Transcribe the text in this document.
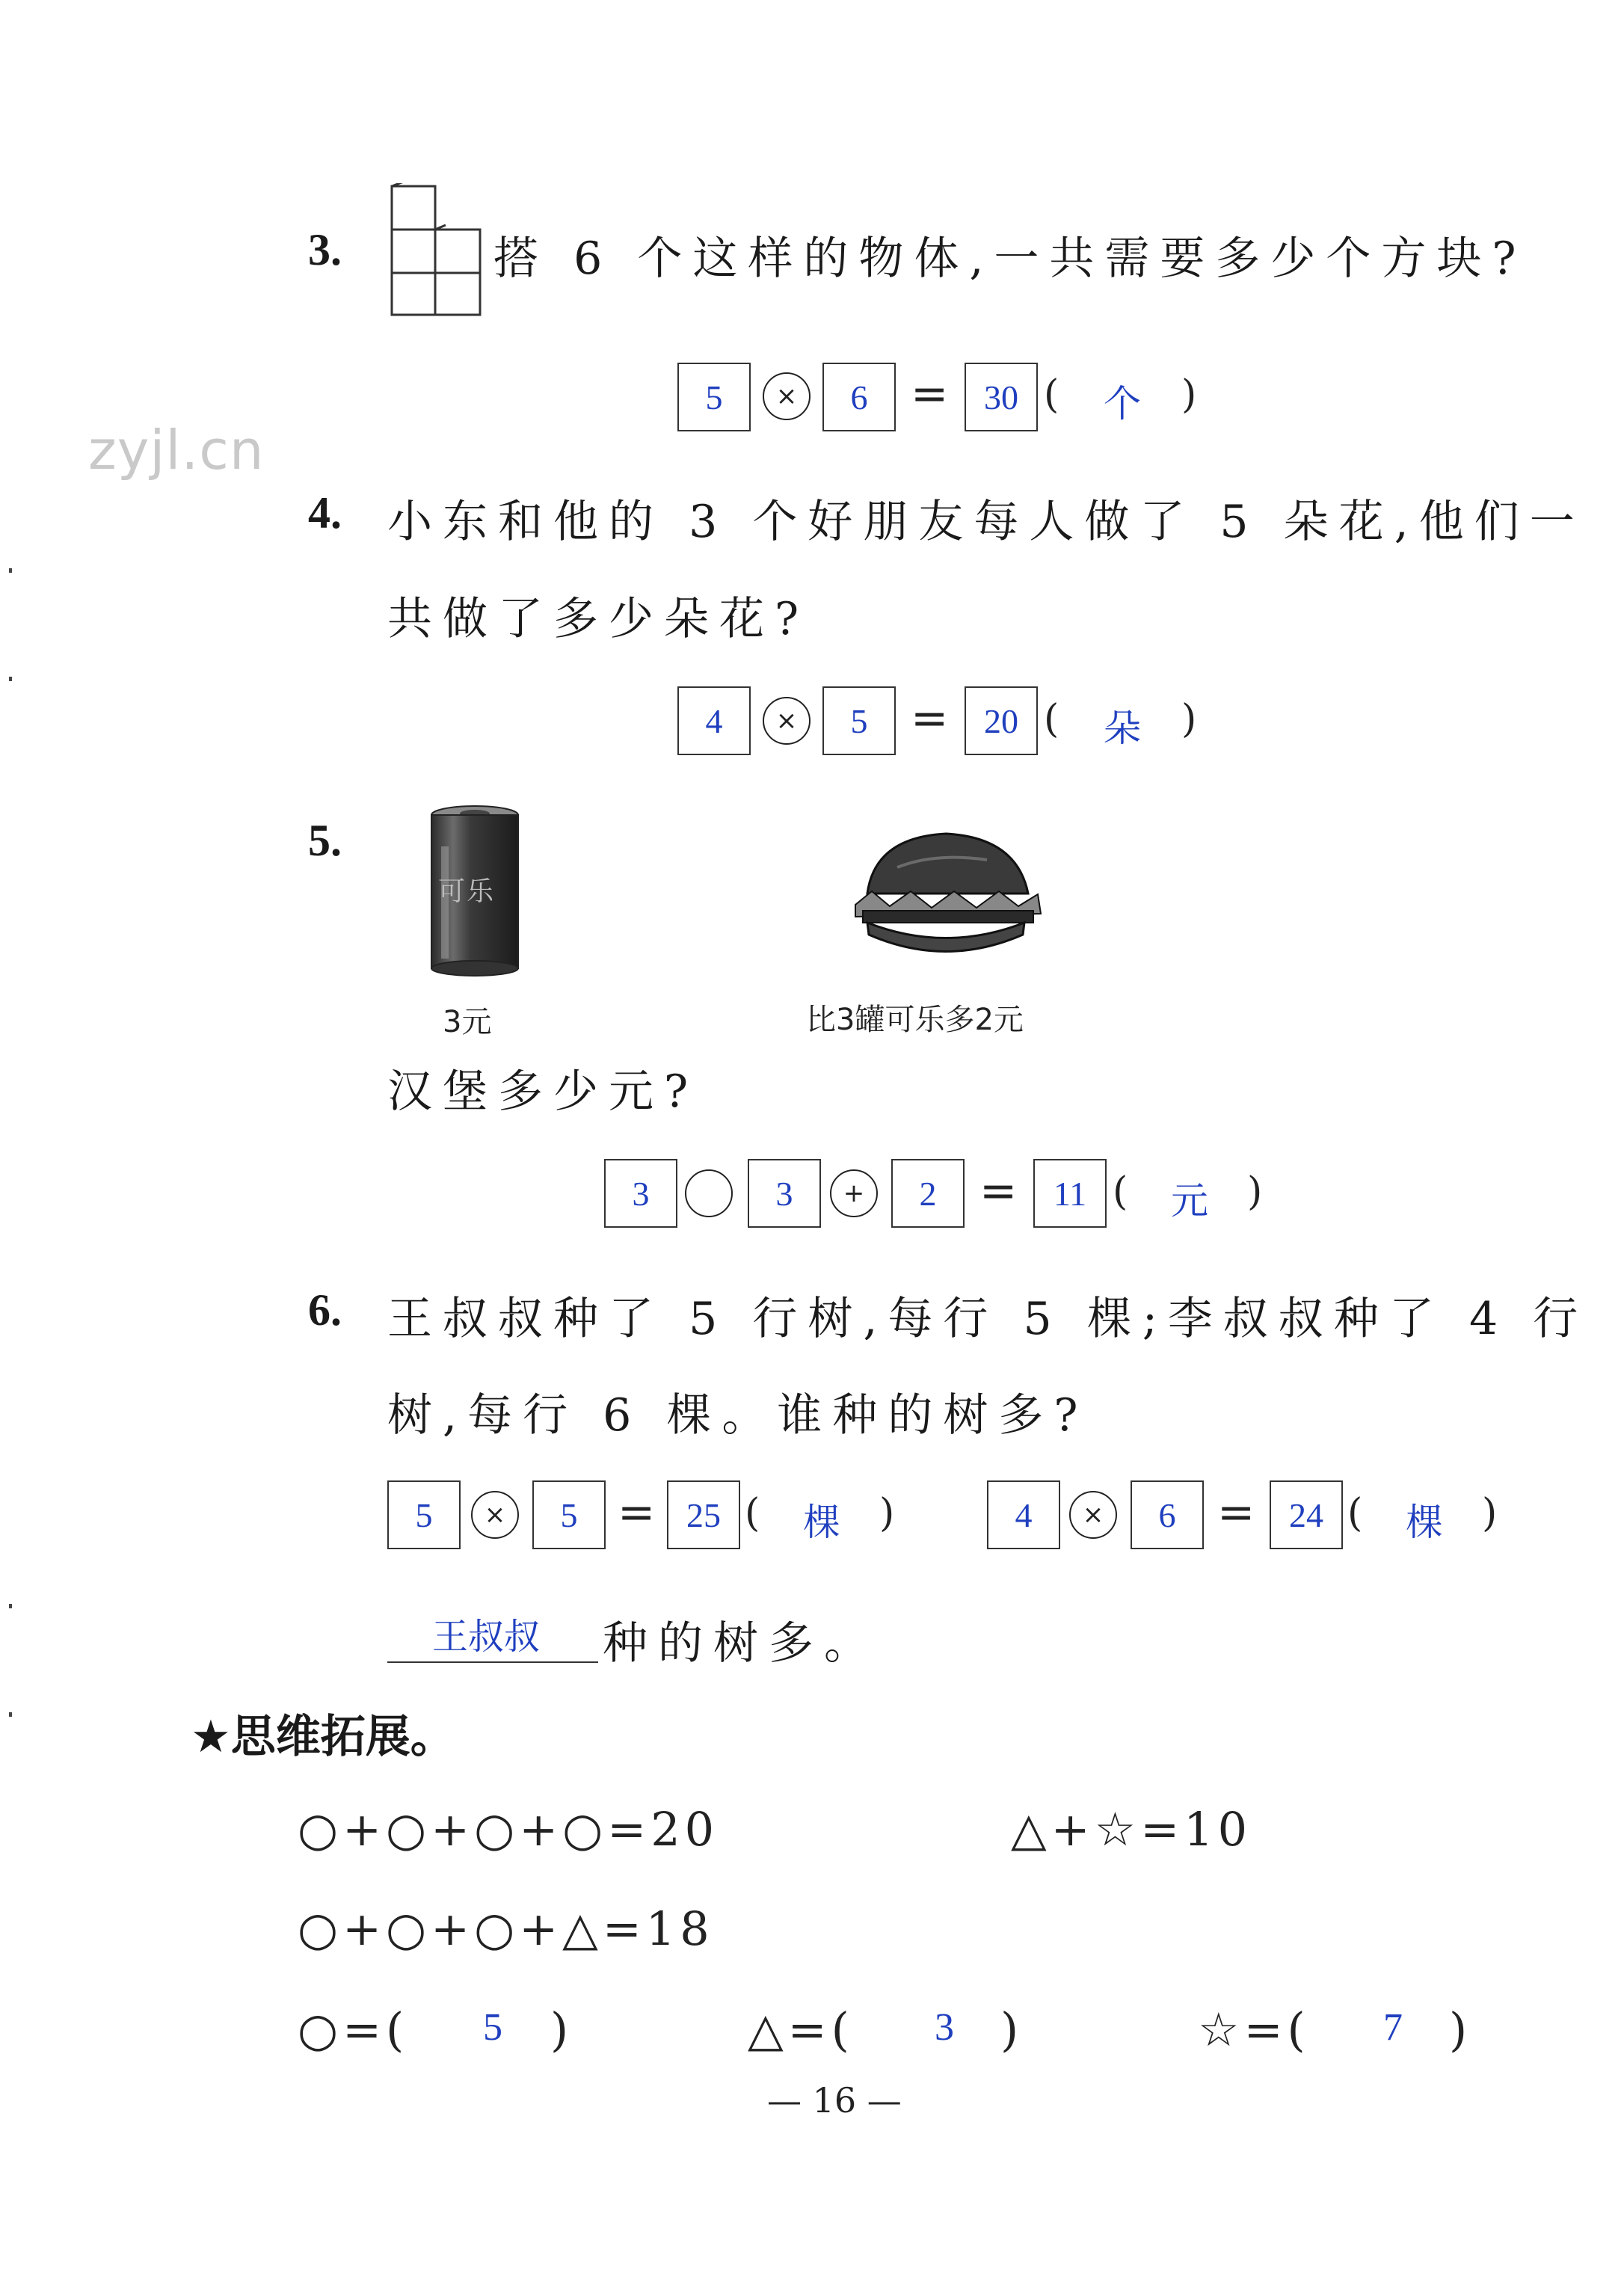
zyjl.cn
3.	搭 6 个这样的物体,一共需要多少个方块?
5	×	6 =	30 ( 个 )
4. 小东和他的 3 个好朋友每人做了 5 朵花,他们一
共做了多少朵花?
4	×	5 =	20 ( 朵 )
5.
可乐
3元	比3罐可乐多2元
汉堡多少元?
3	3	+	2 =	11 ( 元 )
6. 王叔叔种了 5 行树,每行 5 棵;李叔叔种了 4 行
树,每行 6 棵。谁种的树多?
5	×	5 = 25 ( 棵 )	4	×	6 = 24 ( 棵 )
王叔叔 种的树多。
★思维拓展。
○+○+○+○=20	△+☆=10
○+○+○+△=18
○=( 5 )	△=( 3 )	☆=( 7 )
— 16 —
